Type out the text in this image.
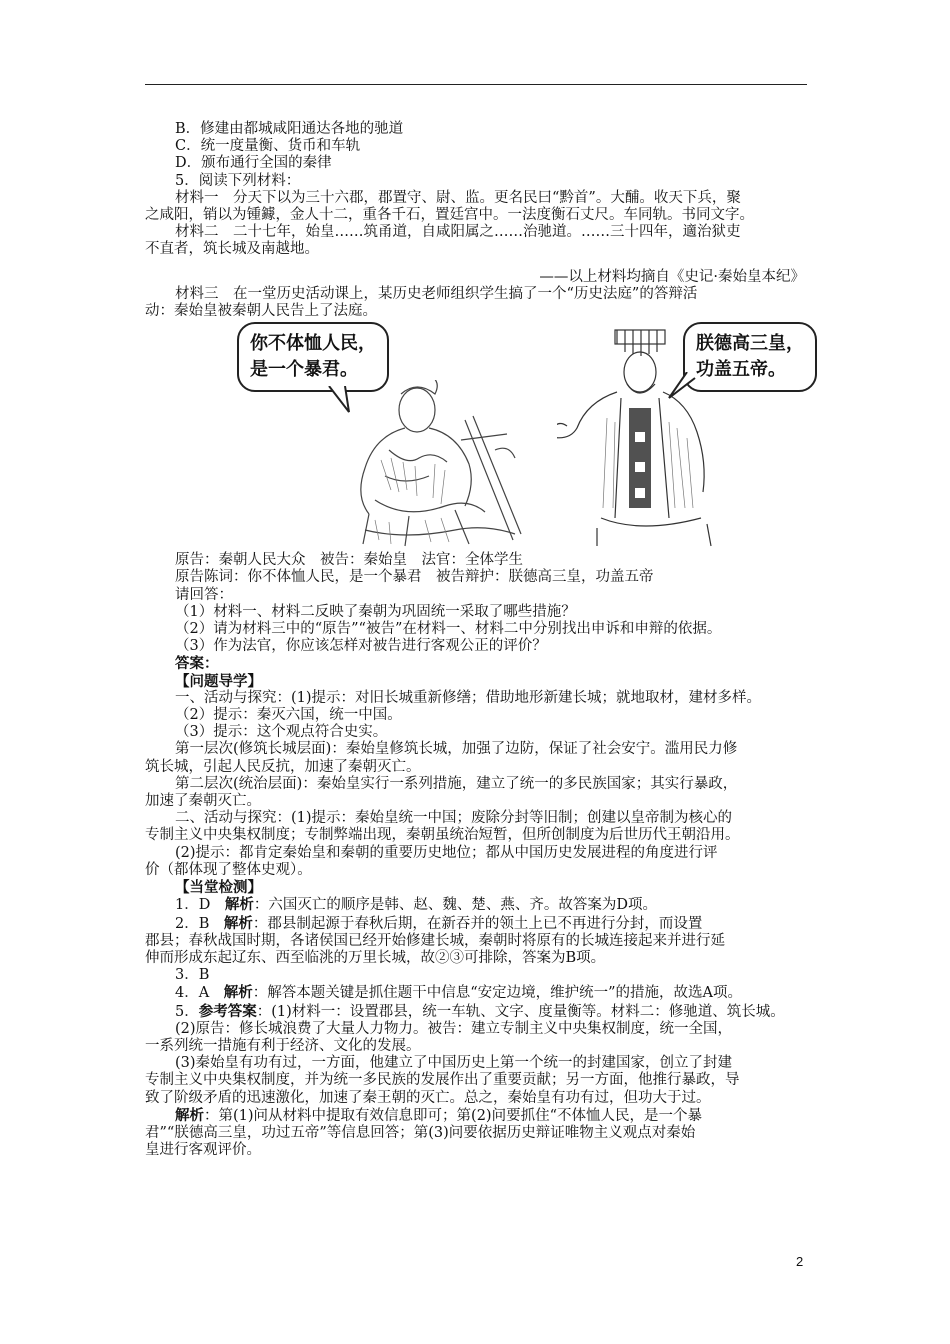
B．修建由都城咸阳通达各地的驰道

C．统一度量衡、货币和车轨

D．颁布通行全国的秦律

5．阅读下列材料：

材料一　分天下以为三十六郡，郡置守、尉、监。更名民曰“黔首”。大酺。收天下兵，聚

之咸阳，销以为锺鐻，金人十二，重各千石，置廷宫中。一法度衡石丈尺。车同轨。书同文字。

材料二　二十七年，始皇……筑甬道，自咸阳属之……治驰道。……三十四年，適治狱吏

不直者，筑长城及南越地。

——以上材料均摘自《史记·秦始皇本纪》

材料三　在一堂历史活动课上，某历史老师组织学生搞了一个“历史法庭”的答辩活

动：秦始皇被秦朝人民告上了法庭。

你不体恤人民，
是一个暴君。
朕德高三皇，
功盖五帝。

原告：秦朝人民大众　被告：秦始皇　法官：全体学生

原告陈词：你不体恤人民，是一个暴君　被告辩护：朕德高三皇，功盖五帝

请回答：

（1）材料一、材料二反映了秦朝为巩固统一采取了哪些措施？

（2）请为材料三中的“原告”“被告”在材料一、材料二中分别找出申诉和申辩的依据。

（3）作为法官，你应该怎样对被告进行客观公正的评价？

答案：

【问题导学】

一、活动与探究：(1)提示：对旧长城重新修缮；借助地形新建长城；就地取材，建材多样。

（2）提示：秦灭六国，统一中国。

（3）提示：这个观点符合史实。

第一层次(修筑长城层面)：秦始皇修筑长城，加强了边防，保证了社会安宁。滥用民力修

筑长城，引起人民反抗，加速了秦朝灭亡。

第二层次(统治层面)：秦始皇实行一系列措施，建立了统一的多民族国家；其实行暴政，

加速了秦朝灭亡。

二、活动与探究：(1)提示：秦始皇统一中国；废除分封等旧制；创建以皇帝制为核心的

专制主义中央集权制度；专制弊端出现，秦朝虽统治短暂，但所创制度为后世历代王朝沿用。

(2)提示：都肯定秦始皇和秦朝的重要历史地位；都从中国历史发展进程的角度进行评

价（都体现了整体史观）。

【当堂检测】

1．D　解析：六国灭亡的顺序是韩、赵、魏、楚、燕、齐。故答案为D项。

2．B　解析：郡县制起源于春秋后期，在新吞并的领土上已不再进行分封，而设置

郡县；春秋战国时期，各诸侯国已经开始修建长城，秦朝时将原有的长城连接起来并进行延

伸而形成东起辽东、西至临洮的万里长城，故②③可排除，答案为B项。

3．B

4．A　解析：解答本题关键是抓住题干中信息“安定边境，维护统一”的措施，故选A项。

5．参考答案：(1)材料一：设置郡县，统一车轨、文字、度量衡等。材料二：修驰道、筑长城。

(2)原告：修长城浪费了大量人力物力。被告：建立专制主义中央集权制度，统一全国，

一系列统一措施有利于经济、文化的发展。

(3)秦始皇有功有过，一方面，他建立了中国历史上第一个统一的封建国家，创立了封建

专制主义中央集权制度，并为统一多民族的发展作出了重要贡献；另一方面，他推行暴政，导

致了阶级矛盾的迅速激化，加速了秦王朝的灭亡。总之，秦始皇有功有过，但功大于过。

解析：第(1)问从材料中提取有效信息即可；第(2)问要抓住“不体恤人民，是一个暴

君”“朕德高三皇，功过五帝”等信息回答；第(3)问要依据历史辩证唯物主义观点对秦始

皇进行客观评价。

2
